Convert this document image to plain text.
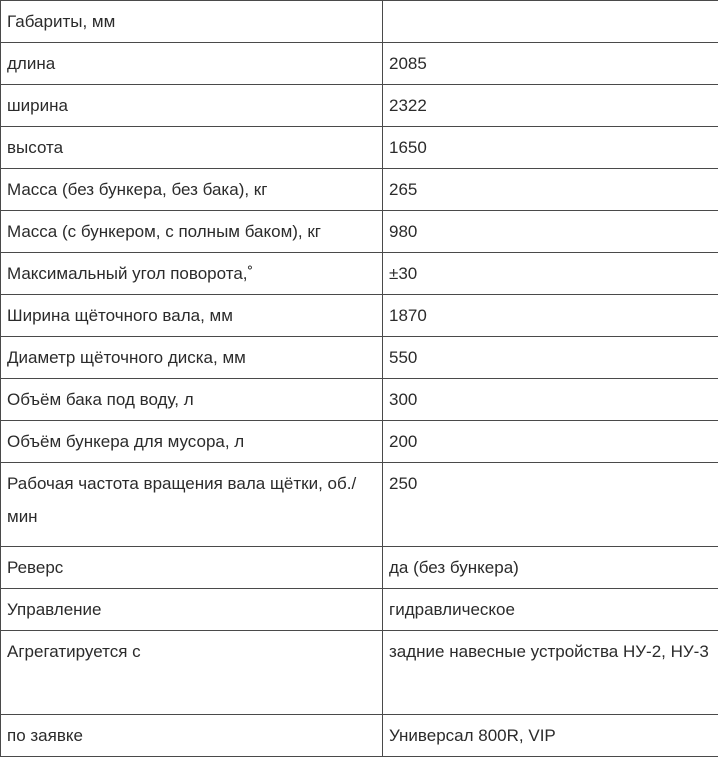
Габариты, мм	
длина	2085
ширина	2322
высота	1650
Масса (без бункера, без бака), кг	265
Масса (с бункером, с полным баком), кг	980
Максимальный угол поворота,˚	±30
Ширина щёточного вала, мм	1870
Диаметр щёточного диска, мм	550
Объём бака под воду, л	300
Объём бункера для мусора, л	200
Рабочая частота вращения вала щётки, об./мин	250
Реверс	да (без бункера)
Управление	гидравлическое
Агрегатируется с	задние навесные устройства НУ-2, НУ-3
по заявке	Универсал 800R, VIP
